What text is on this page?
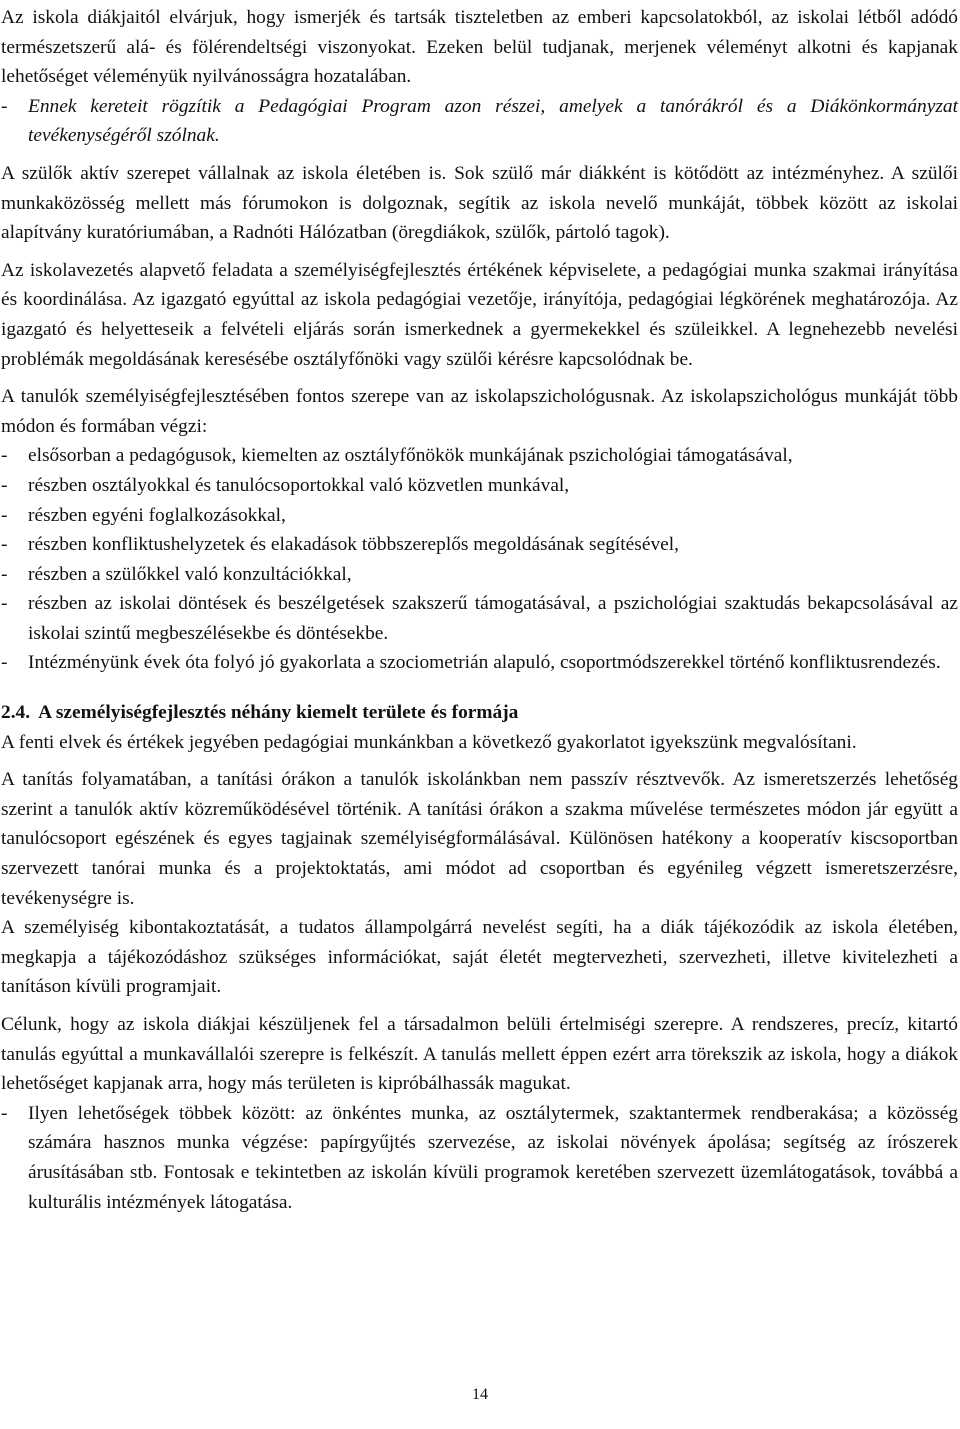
Az iskola diákjaitól elvárjuk, hogy ismerjék és tartsák tiszteletben az emberi kapcsolatokból, az iskolai létből adódó természetszerű alá- és fölérendeltségi viszonyokat. Ezeken belül tudjanak, merjenek véleményt alkotni és kapjanak lehetőséget véleményük nyilvánosságra hozatalában.

-	Ennek kereteit rögzítik a Pedagógiai Program azon részei, amelyek a tanórákról és a Diákönkormányzat tevékenységéről szólnak.

A szülők aktív szerepet vállalnak az iskola életében is. Sok szülő már diákként is kötődött az intézményhez. A szülői munkaközösség mellett más fórumokon is dolgoznak, segítik az iskola nevelő munkáját, többek között az iskolai alapítvány kuratóriumában, a Radnóti Hálózatban (öregdiákok, szülők, pártoló tagok).

Az iskolavezetés alapvető feladata a személyiségfejlesztés értékének képviselete, a pedagógiai munka szakmai irányítása és koordinálása. Az igazgató egyúttal az iskola pedagógiai vezetője, irányítója, pedagógiai légkörének meghatározója. Az igazgató és helyetteseik a felvételi eljárás során ismerkednek a gyermekekkel és szüleikkel. A legnehezebb nevelési problémák megoldásának keresésébe osztályfőnöki vagy szülői kérésre kapcsolódnak be.

A tanulók személyiségfejlesztésében fontos szerepe van az iskolapszichológusnak. Az iskolapszichológus munkáját több módon és formában végzi:

-	elsősorban a pedagógusok, kiemelten az osztályfőnökök munkájának pszichológiai támogatásával,
-	részben osztályokkal és tanulócsoportokkal való közvetlen munkával,
-	részben egyéni foglalkozásokkal,
-	részben konfliktushelyzetek és elakadások többszereplős megoldásának segítésével,
-	részben a szülőkkel való konzultációkkal,
-	részben az iskolai döntések és beszélgetések szakszerű támogatásával, a pszichológiai szaktudás bekapcsolásával az iskolai szintű megbeszélésekbe és döntésekbe.
-	Intézményünk évek óta folyó jó gyakorlata a szociometrián alapuló, csoportmódszerekkel történő konfliktusrendezés.
2.4. A személyiségfejlesztés néhány kiemelt területe és formája

A fenti elvek és értékek jegyében pedagógiai munkánkban a következő gyakorlatot igyekszünk megvalósítani.

A tanítás folyamatában, a tanítási órákon a tanulók iskolánkban nem passzív résztvevők. Az ismeretszerzés lehetőség szerint a tanulók aktív közreműködésével történik. A tanítási órákon a szakma művelése természetes módon jár együtt a tanulócsoport egészének és egyes tagjainak személyiségformálásával. Különösen hatékony a kooperatív kiscsoportban szervezett tanórai munka és a projektoktatás, ami módot ad csoportban és egyénileg végzett ismeretszerzésre, tevékenységre is.

A személyiség kibontakoztatását, a tudatos állampolgárrá nevelést segíti, ha a diák tájékozódik az iskola életében, megkapja a tájékozódáshoz szükséges információkat, saját életét megtervezheti, szervezheti, illetve kivitelezheti a tanításon kívüli programjait.

Célunk, hogy az iskola diákjai készüljenek fel a társadalmon belüli értelmiségi szerepre. A rendszeres, precíz, kitartó tanulás egyúttal a munkavállalói szerepre is felkészít. A tanulás mellett éppen ezért arra törekszik az iskola, hogy a diákok lehetőséget kapjanak arra, hogy más területen is kipróbálhassák magukat.

-	Ilyen lehetőségek többek között: az önkéntes munka, az osztálytermek, szaktantermek rendberakása; a közösség számára hasznos munka végzése: papírgyűjtés szervezése, az iskolai növények ápolása; segítség az írószerek árusításában stb. Fontosak e tekintetben az iskolán kívüli programok keretében szervezett üzemlátogatások, továbbá a kulturális intézmények látogatása.
14
